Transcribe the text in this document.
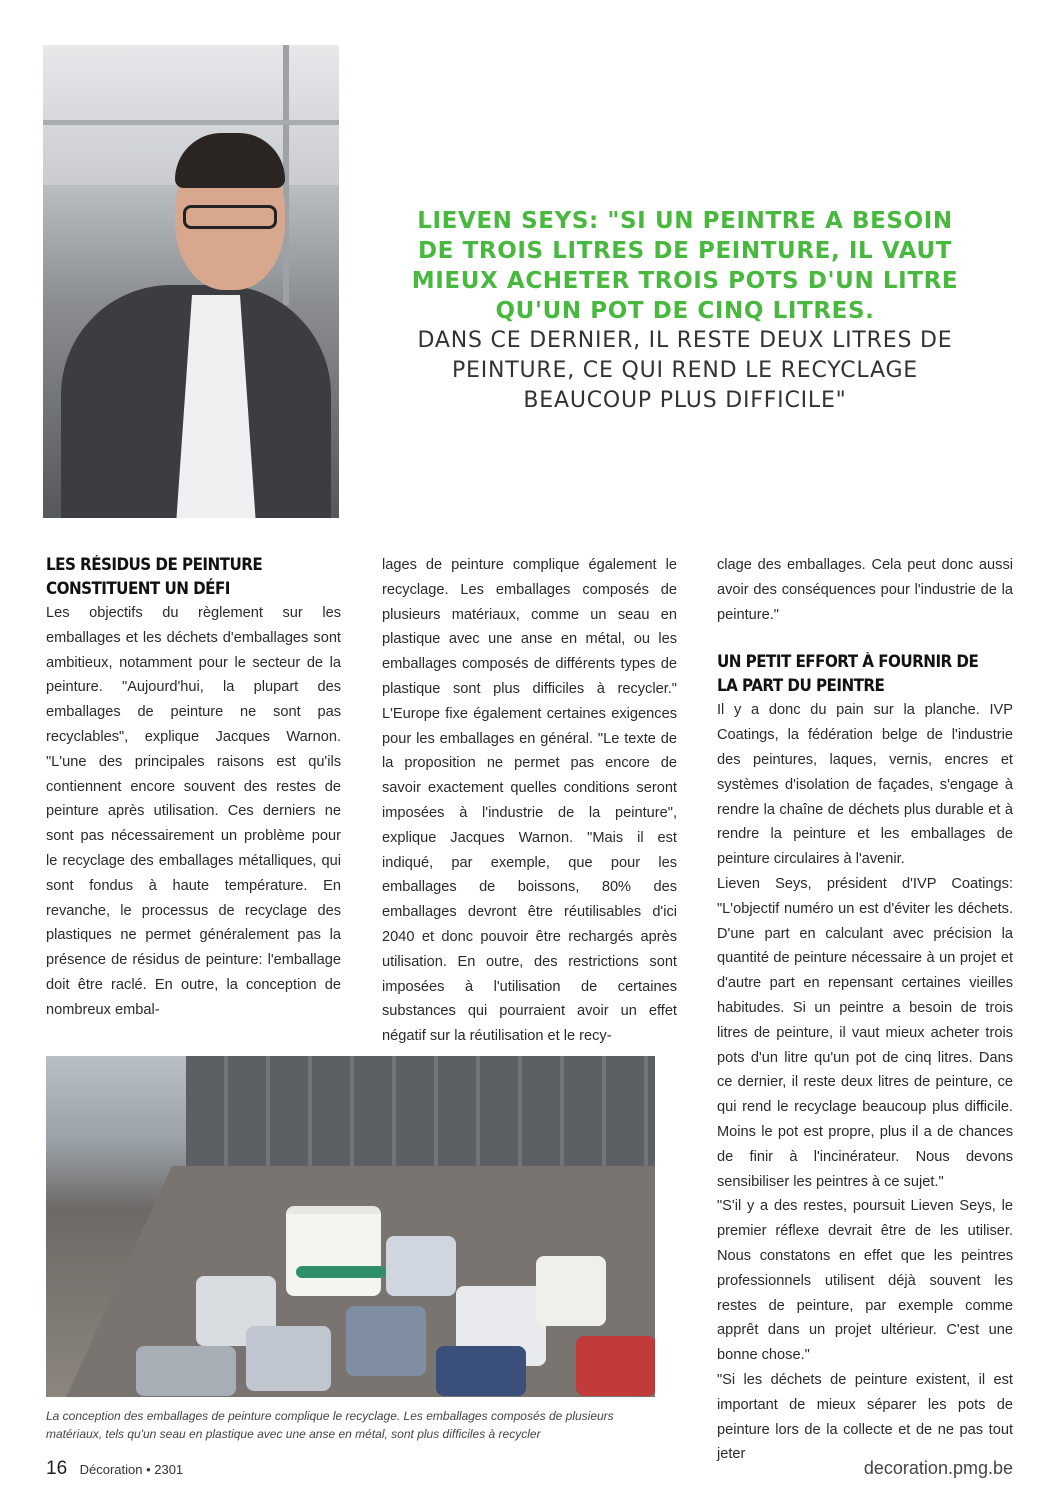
LIEVEN SEYS: "SI UN PEINTRE A BESOIN DE TROIS LITRES DE PEINTURE, IL VAUT MIEUX ACHETER TROIS POTS D'UN LITRE QU'UN POT DE CINQ LITRES.
DANS CE DERNIER, IL RESTE DEUX LITRES DE PEINTURE, CE QUI REND LE RECYCLAGE BEAUCOUP PLUS DIFFICILE"
LES RÉSIDUS DE PEINTURE CONSTITUENT UN DÉFI

Les objectifs du règlement sur les emballages et les déchets d'emballages sont ambitieux, notamment pour le secteur de la peinture. "Aujourd'hui, la plupart des emballages de peinture ne sont pas recyclables", explique Jacques Warnon. "L'une des principales raisons est qu'ils contiennent encore souvent des restes de peinture après utilisation. Ces derniers ne sont pas nécessairement un problème pour le recyclage des emballages métalliques, qui sont fondus à haute température. En revanche, le processus de recyclage des plastiques ne permet généralement pas la présence de résidus de peinture: l'emballage doit être raclé. En outre, la conception de nombreux embal-

lages de peinture complique également le recyclage. Les emballages composés de plusieurs matériaux, comme un seau en plastique avec une anse en métal, ou les emballages composés de différents types de plastique sont plus difficiles à recycler." L'Europe fixe également certaines exigences pour les emballages en général. "Le texte de la proposition ne permet pas encore de savoir exactement quelles conditions seront imposées à l'industrie de la peinture", explique Jacques Warnon. "Mais il est indiqué, par exemple, que pour les emballages de boissons, 80% des emballages devront être réutilisables d'ici 2040 et donc pouvoir être rechargés après utilisation. En outre, des restrictions sont imposées à l'utilisation de certaines substances qui pourraient avoir un effet négatif sur la réutilisation et le recy-

clage des emballages. Cela peut donc aussi avoir des conséquences pour l'industrie de la peinture."

UN PETIT EFFORT À FOURNIR DE LA PART DU PEINTRE

Il y a donc du pain sur la planche. IVP Coatings, la fédération belge de l'industrie des peintures, laques, vernis, encres et systèmes d'isolation de façades, s'engage à rendre la chaîne de déchets plus durable et à rendre la peinture et les emballages de peinture circulaires à l'avenir.

Lieven Seys, président d'IVP Coatings: "L'objectif numéro un est d'éviter les déchets. D'une part en calculant avec précision la quantité de peinture nécessaire à un projet et d'autre part en repensant certaines vieilles habitudes. Si un peintre a besoin de trois litres de peinture, il vaut mieux acheter trois pots d'un litre qu'un pot de cinq litres. Dans ce dernier, il reste deux litres de peinture, ce qui rend le recyclage beaucoup plus difficile. Moins le pot est propre, plus il a de chances de finir à l'incinérateur. Nous devons sensibiliser les peintres à ce sujet."

"S'il y a des restes, poursuit Lieven Seys, le premier réflexe devrait être de les utiliser. Nous constatons en effet que les peintres professionnels utilisent déjà souvent les restes de peinture, par exemple comme apprêt dans un projet ultérieur. C'est une bonne chose."

"Si les déchets de peinture existent, il est important de mieux séparer les pots de peinture lors de la collecte et de ne pas tout jeter

La conception des emballages de peinture complique le recyclage. Les emballages composés de plusieurs matériaux, tels qu'un seau en plastique avec une anse en métal, sont plus difficiles à recycler
16 Décoration • 2301	decoration.pmg.be
